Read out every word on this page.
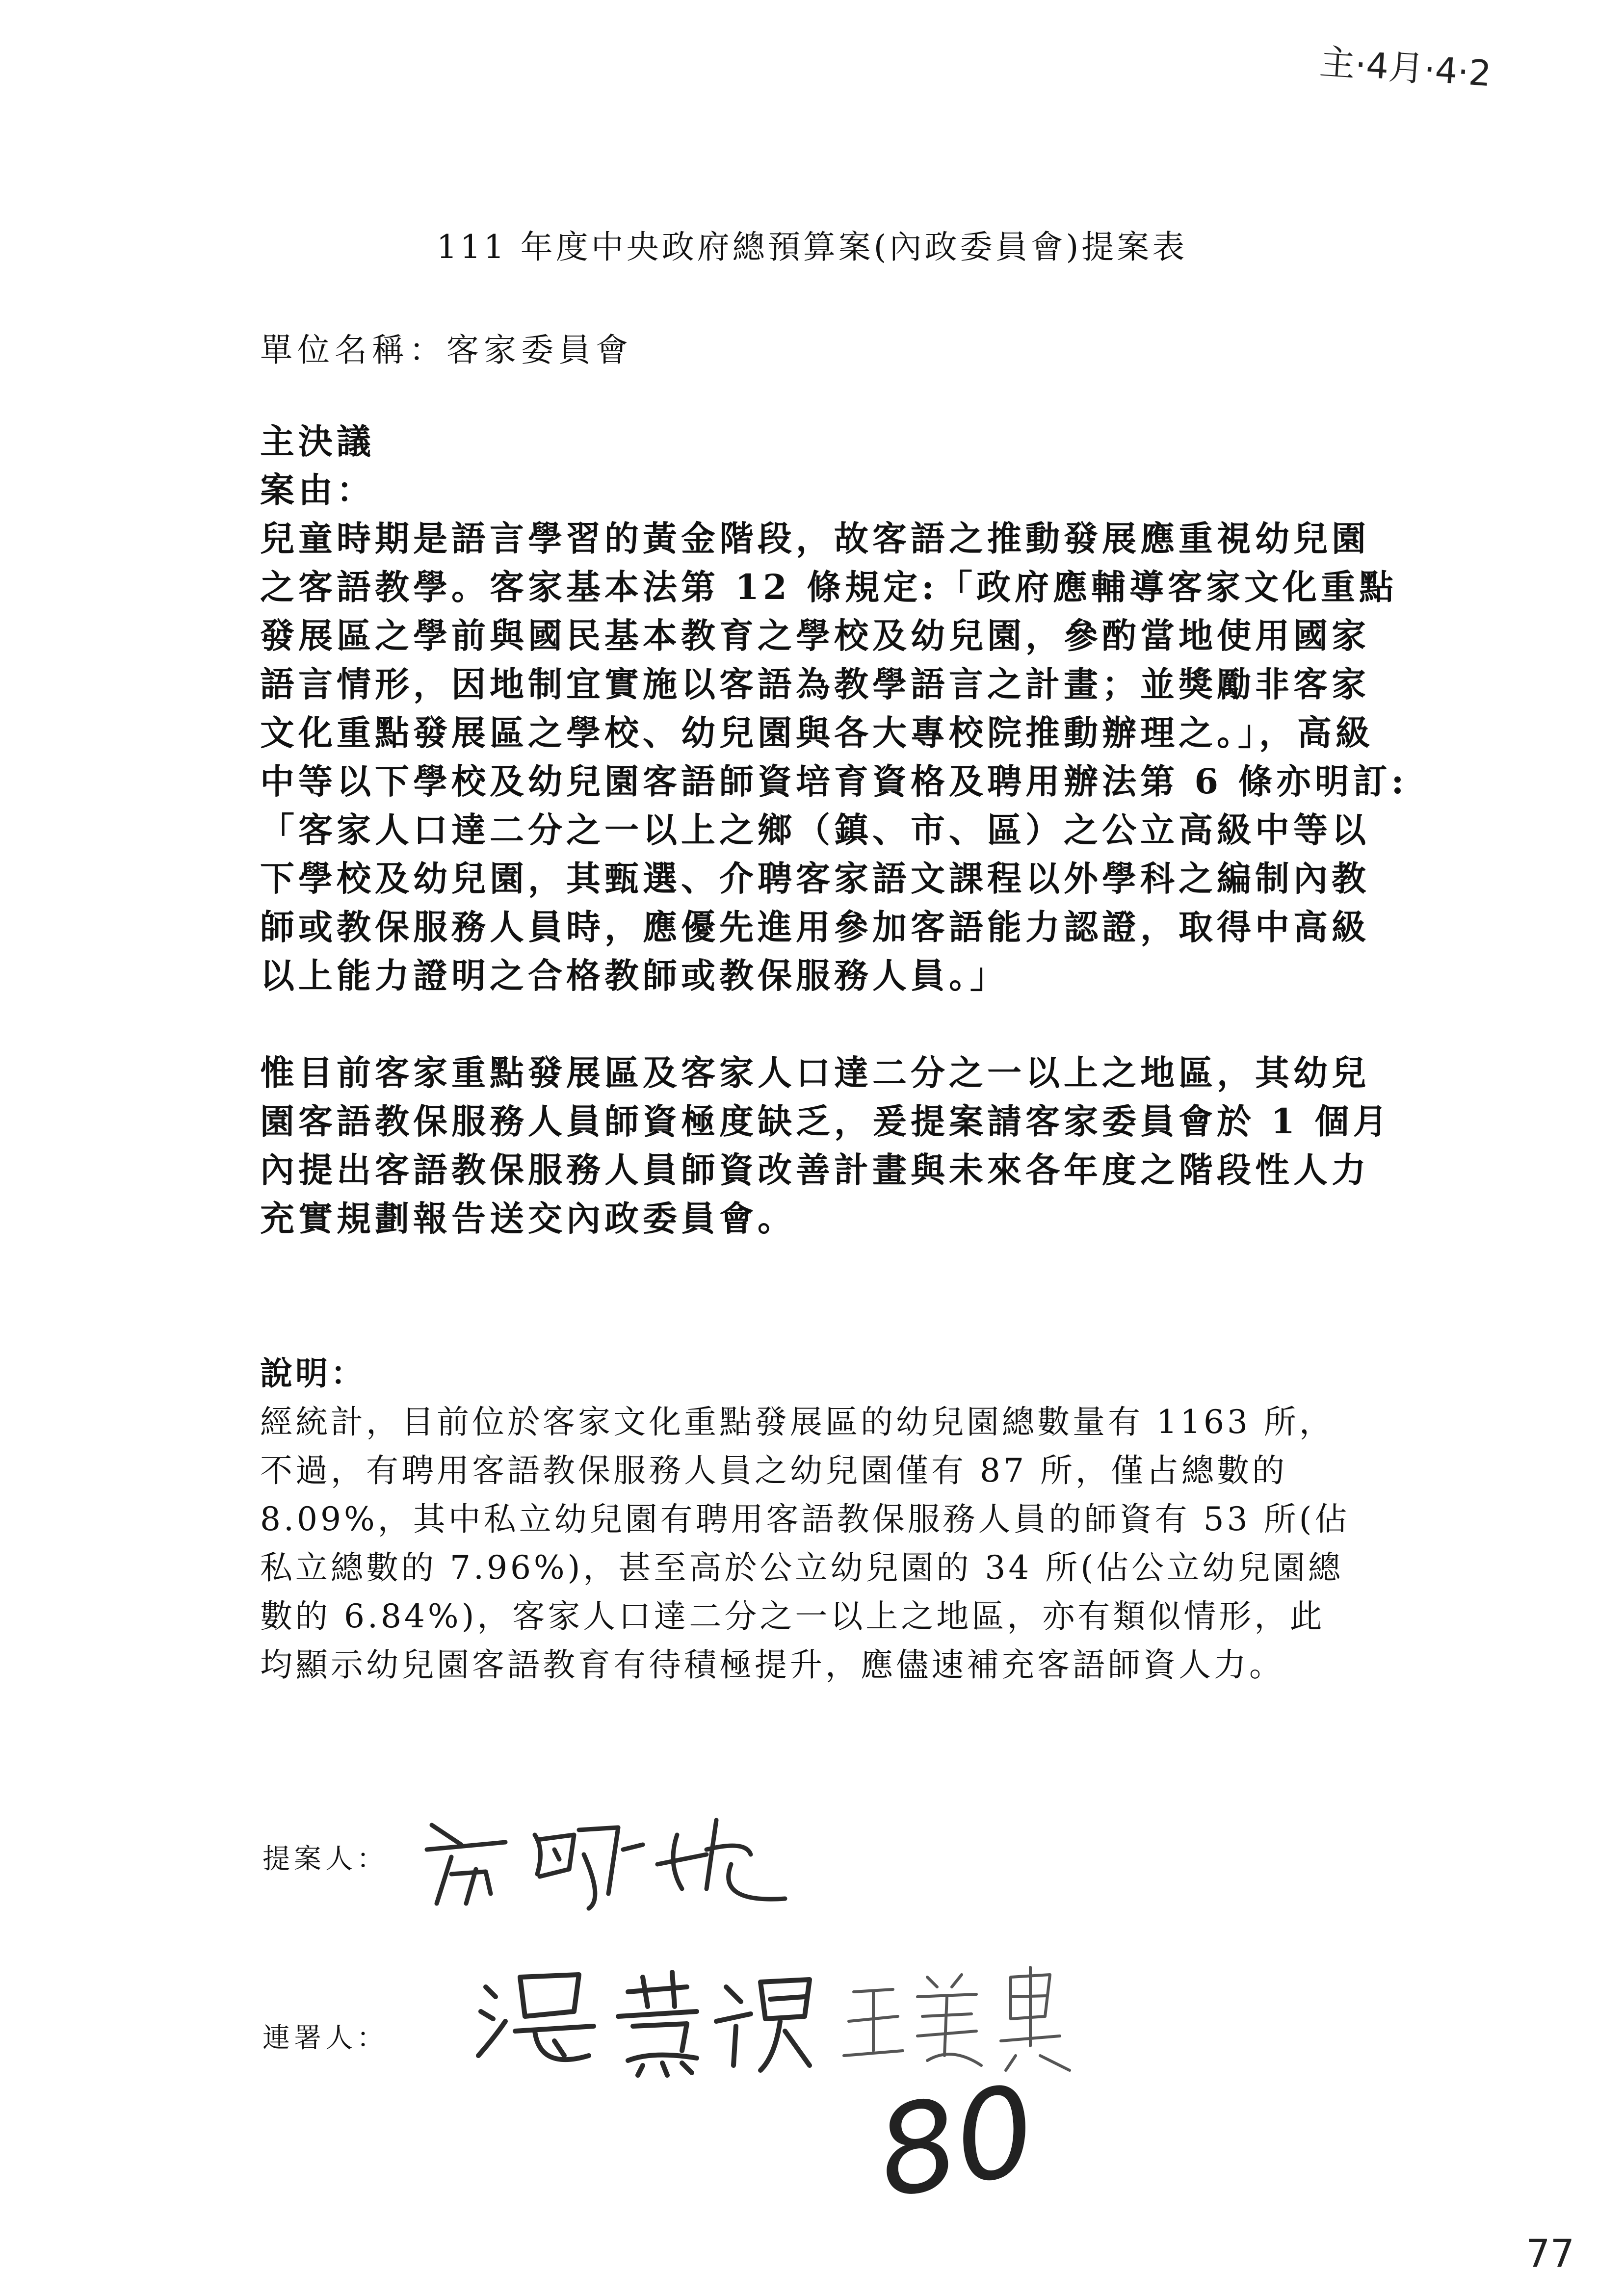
主·4月·4·2
111 年度中央政府總預算案(內政委員會)提案表
單位名稱：客家委員會
主決議
案由：
兒童時期是語言學習的黃金階段，故客語之推動發展應重視幼兒園
之客語教學。客家基本法第 12 條規定:「政府應輔導客家文化重點
發展區之學前與國民基本教育之學校及幼兒園，參酌當地使用國家
語言情形，因地制宜實施以客語為教學語言之計畫；並獎勵非客家
文化重點發展區之學校、幼兒園與各大專校院推動辦理之。」，高級
中等以下學校及幼兒園客語師資培育資格及聘用辦法第 6 條亦明訂:
「客家人口達二分之一以上之鄉（鎮、市、區）之公立高級中等以
下學校及幼兒園，其甄選、介聘客家語文課程以外學科之編制內教
師或教保服務人員時，應優先進用參加客語能力認證，取得中高級
以上能力證明之合格教師或教保服務人員。」
惟目前客家重點發展區及客家人口達二分之一以上之地區，其幼兒
園客語教保服務人員師資極度缺乏，爰提案請客家委員會於 1 個月
內提出客語教保服務人員師資改善計畫與未來各年度之階段性人力
充實規劃報告送交內政委員會。
說明：
經統計，目前位於客家文化重點發展區的幼兒園總數量有 1163 所，
不過，有聘用客語教保服務人員之幼兒園僅有 87 所，僅占總數的
8.09%，其中私立幼兒園有聘用客語教保服務人員的師資有 53 所(佔
私立總數的 7.96%)，甚至高於公立幼兒園的 34 所(佔公立幼兒園總
數的 6.84%)，客家人口達二分之一以上之地區，亦有類似情形，此
均顯示幼兒園客語教育有待積極提升，應儘速補充客語師資人力。
提案人：
連署人：
80
77
